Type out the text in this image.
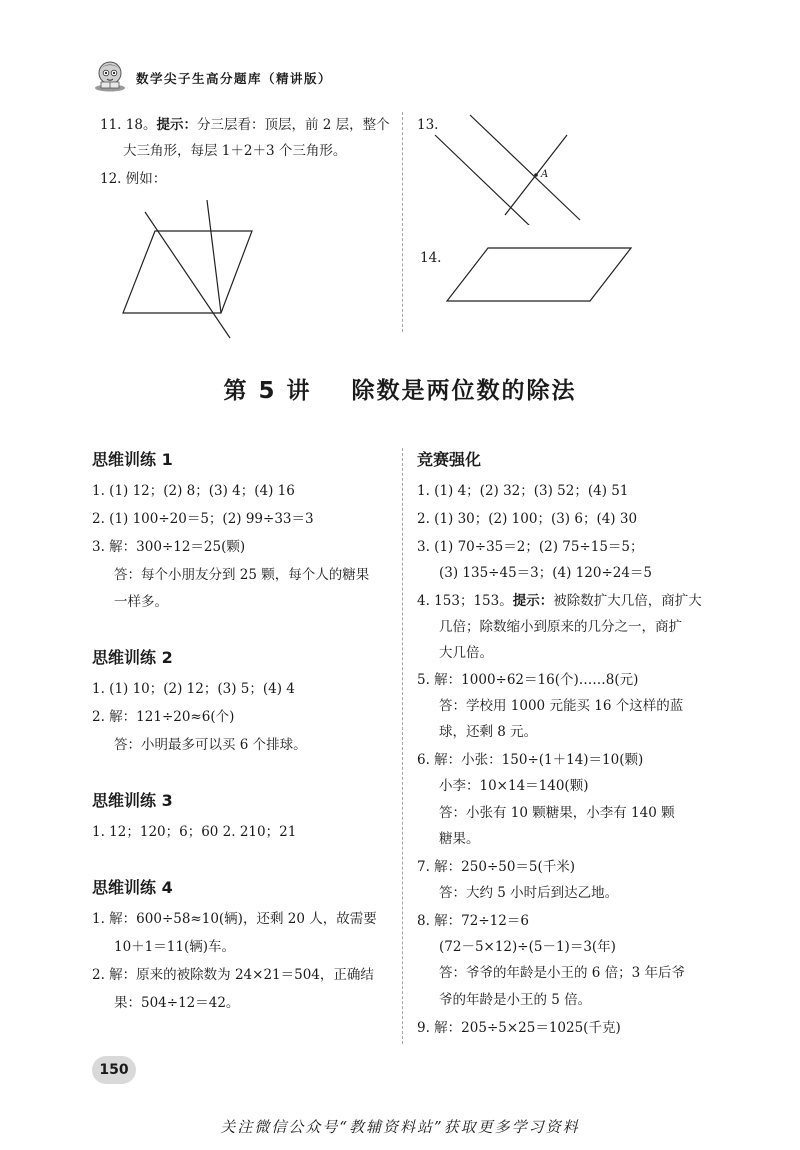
数学尖子生高分题库（精讲版）
11. 18。提示：分三层看：顶层，前 2 层，整个
大三角形，每层 1＋2＋3 个三角形。
12. 例如：
13.
A
14.
第 5 讲    除数是两位数的除法
思维训练 1
1. (1) 12；(2) 8；(3) 4；(4) 16
2. (1) 100÷20＝5；(2) 99÷33＝3
3. 解：300÷12＝25(颗)
答：每个小朋友分到 25 颗，每个人的糖果
一样多。
思维训练 2
1. (1) 10；(2) 12；(3) 5；(4) 4
2. 解：121÷20≈6(个)
答：小明最多可以买 6 个排球。
思维训练 3
1. 12；120；6；60 2. 210；21
思维训练 4
1. 解：600÷58≈10(辆)，还剩 20 人，故需要
10＋1＝11(辆)车。
2. 解：原来的被除数为 24×21＝504，正确结
果：504÷12＝42。
竞赛强化
1. (1) 4；(2) 32；(3) 52；(4) 51
2. (1) 30；(2) 100；(3) 6；(4) 30
3. (1) 70÷35＝2；(2) 75÷15＝5；
(3) 135÷45＝3；(4) 120÷24＝5
4. 153；153。提示：被除数扩大几倍，商扩大
几倍；除数缩小到原来的几分之一，商扩
大几倍。
5. 解：1000÷62＝16(个)……8(元)
答：学校用 1000 元能买 16 个这样的蓝
球，还剩 8 元。
6. 解：小张：150÷(1＋14)＝10(颗)
小李：10×14＝140(颗)
答：小张有 10 颗糖果，小李有 140 颗
糖果。
7. 解：250÷50＝5(千米)
答：大约 5 小时后到达乙地。
8. 解：72÷12＝6
(72－5×12)÷(5－1)＝3(年)
答：爷爷的年龄是小王的 6 倍；3 年后爷
爷的年龄是小王的 5 倍。
9. 解：205÷5×25＝1025(千克)
150
关注微信公众号“教辅资料站”获取更多学习资料
